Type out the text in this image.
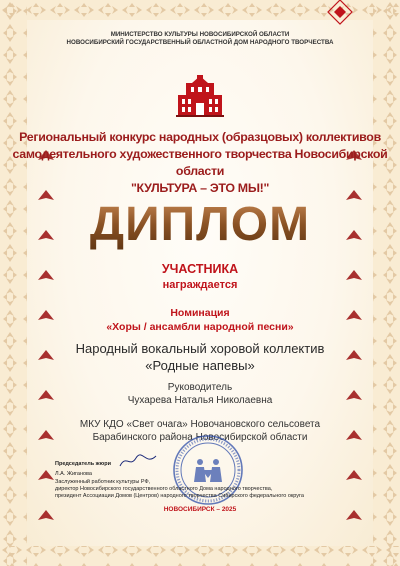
МИНИСТЕРСТВО КУЛЬТУРЫ НОВОСИБИРСКОЙ ОБЛАСТИ
НОВОСИБИРСКИЙ ГОСУДАРСТВЕННЫЙ ОБЛАСТНОЙ ДОМ НАРОДНОГО ТВОРЧЕСТВА
Региональный конкурс народных (образцовых) коллективов
самодеятельного художественного творчества Новосибирской области
"КУЛЬТУРА – ЭТО МЫ!"
ДИПЛОМ
УЧАСТНИКА
награждается
Номинация
«Хоры / ансамбли народной песни»
Народный вокальный хоровой коллектив
«Родные напевы»
Руководитель
Чухарева Наталья Николаевна
МКУ КДО «Свет очага» Новочановского сельсовета
Барабинского района Новосибирской области
Председатель жюри
Л.А. Жиганова
Заслуженный работник культуры РФ,
директор Новосибирского государственного областного Дома народного творчества,
президент Ассоциации Домов (Центров) народного творчества Сибирского федерального округа
НОВОСИБИРСК – 2025
